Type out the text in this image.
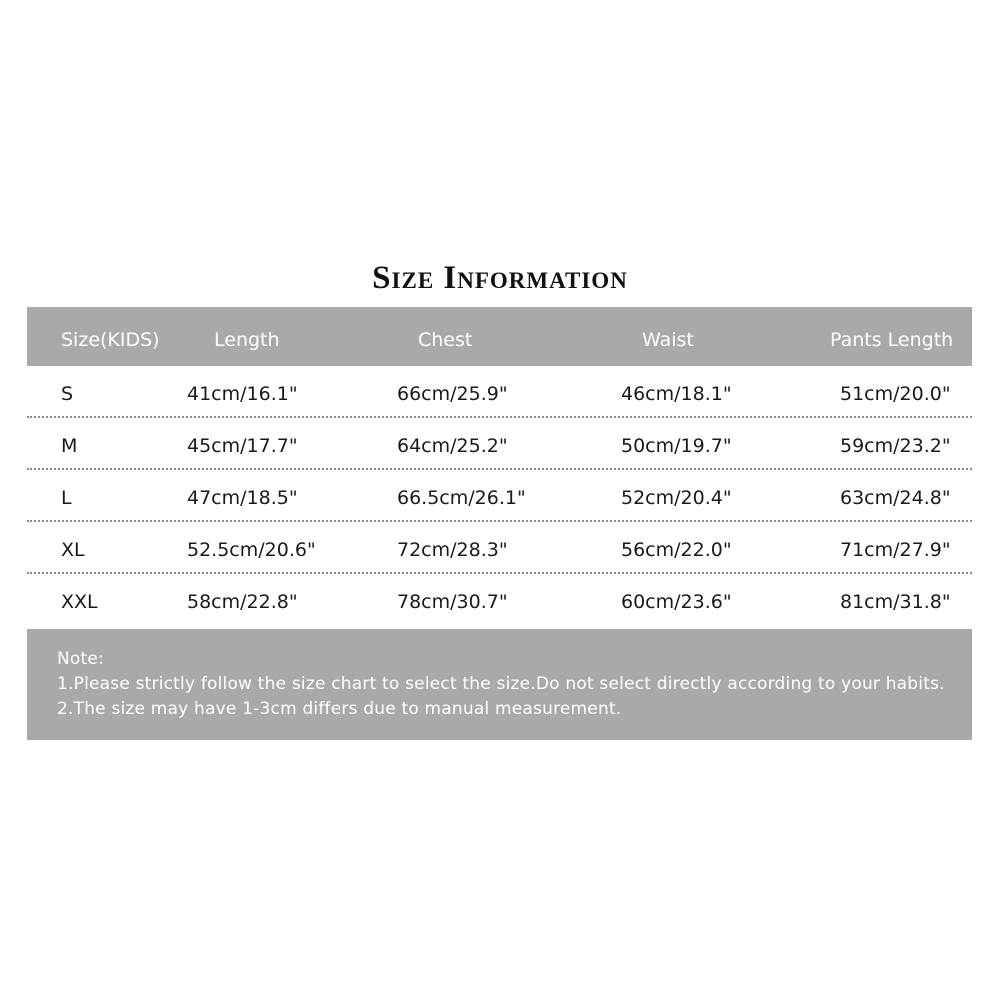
Size Information
Size(KIDS)	Length	Chest	Waist	Pants Length
S	41cm/16.1"	66cm/25.9"	46cm/18.1"	51cm/20.0"
M	45cm/17.7"	64cm/25.2"	50cm/19.7"	59cm/23.2"
L	47cm/18.5"	66.5cm/26.1"	52cm/20.4"	63cm/24.8"
XL	52.5cm/20.6"	72cm/28.3"	56cm/22.0"	71cm/27.9"
XXL	58cm/22.8"	78cm/30.7"	60cm/23.6"	81cm/31.8"
Note:
1.Please strictly follow the size chart to select the size.Do not select directly according to your habits.
2.The size may have 1-3cm differs due to manual measurement.
